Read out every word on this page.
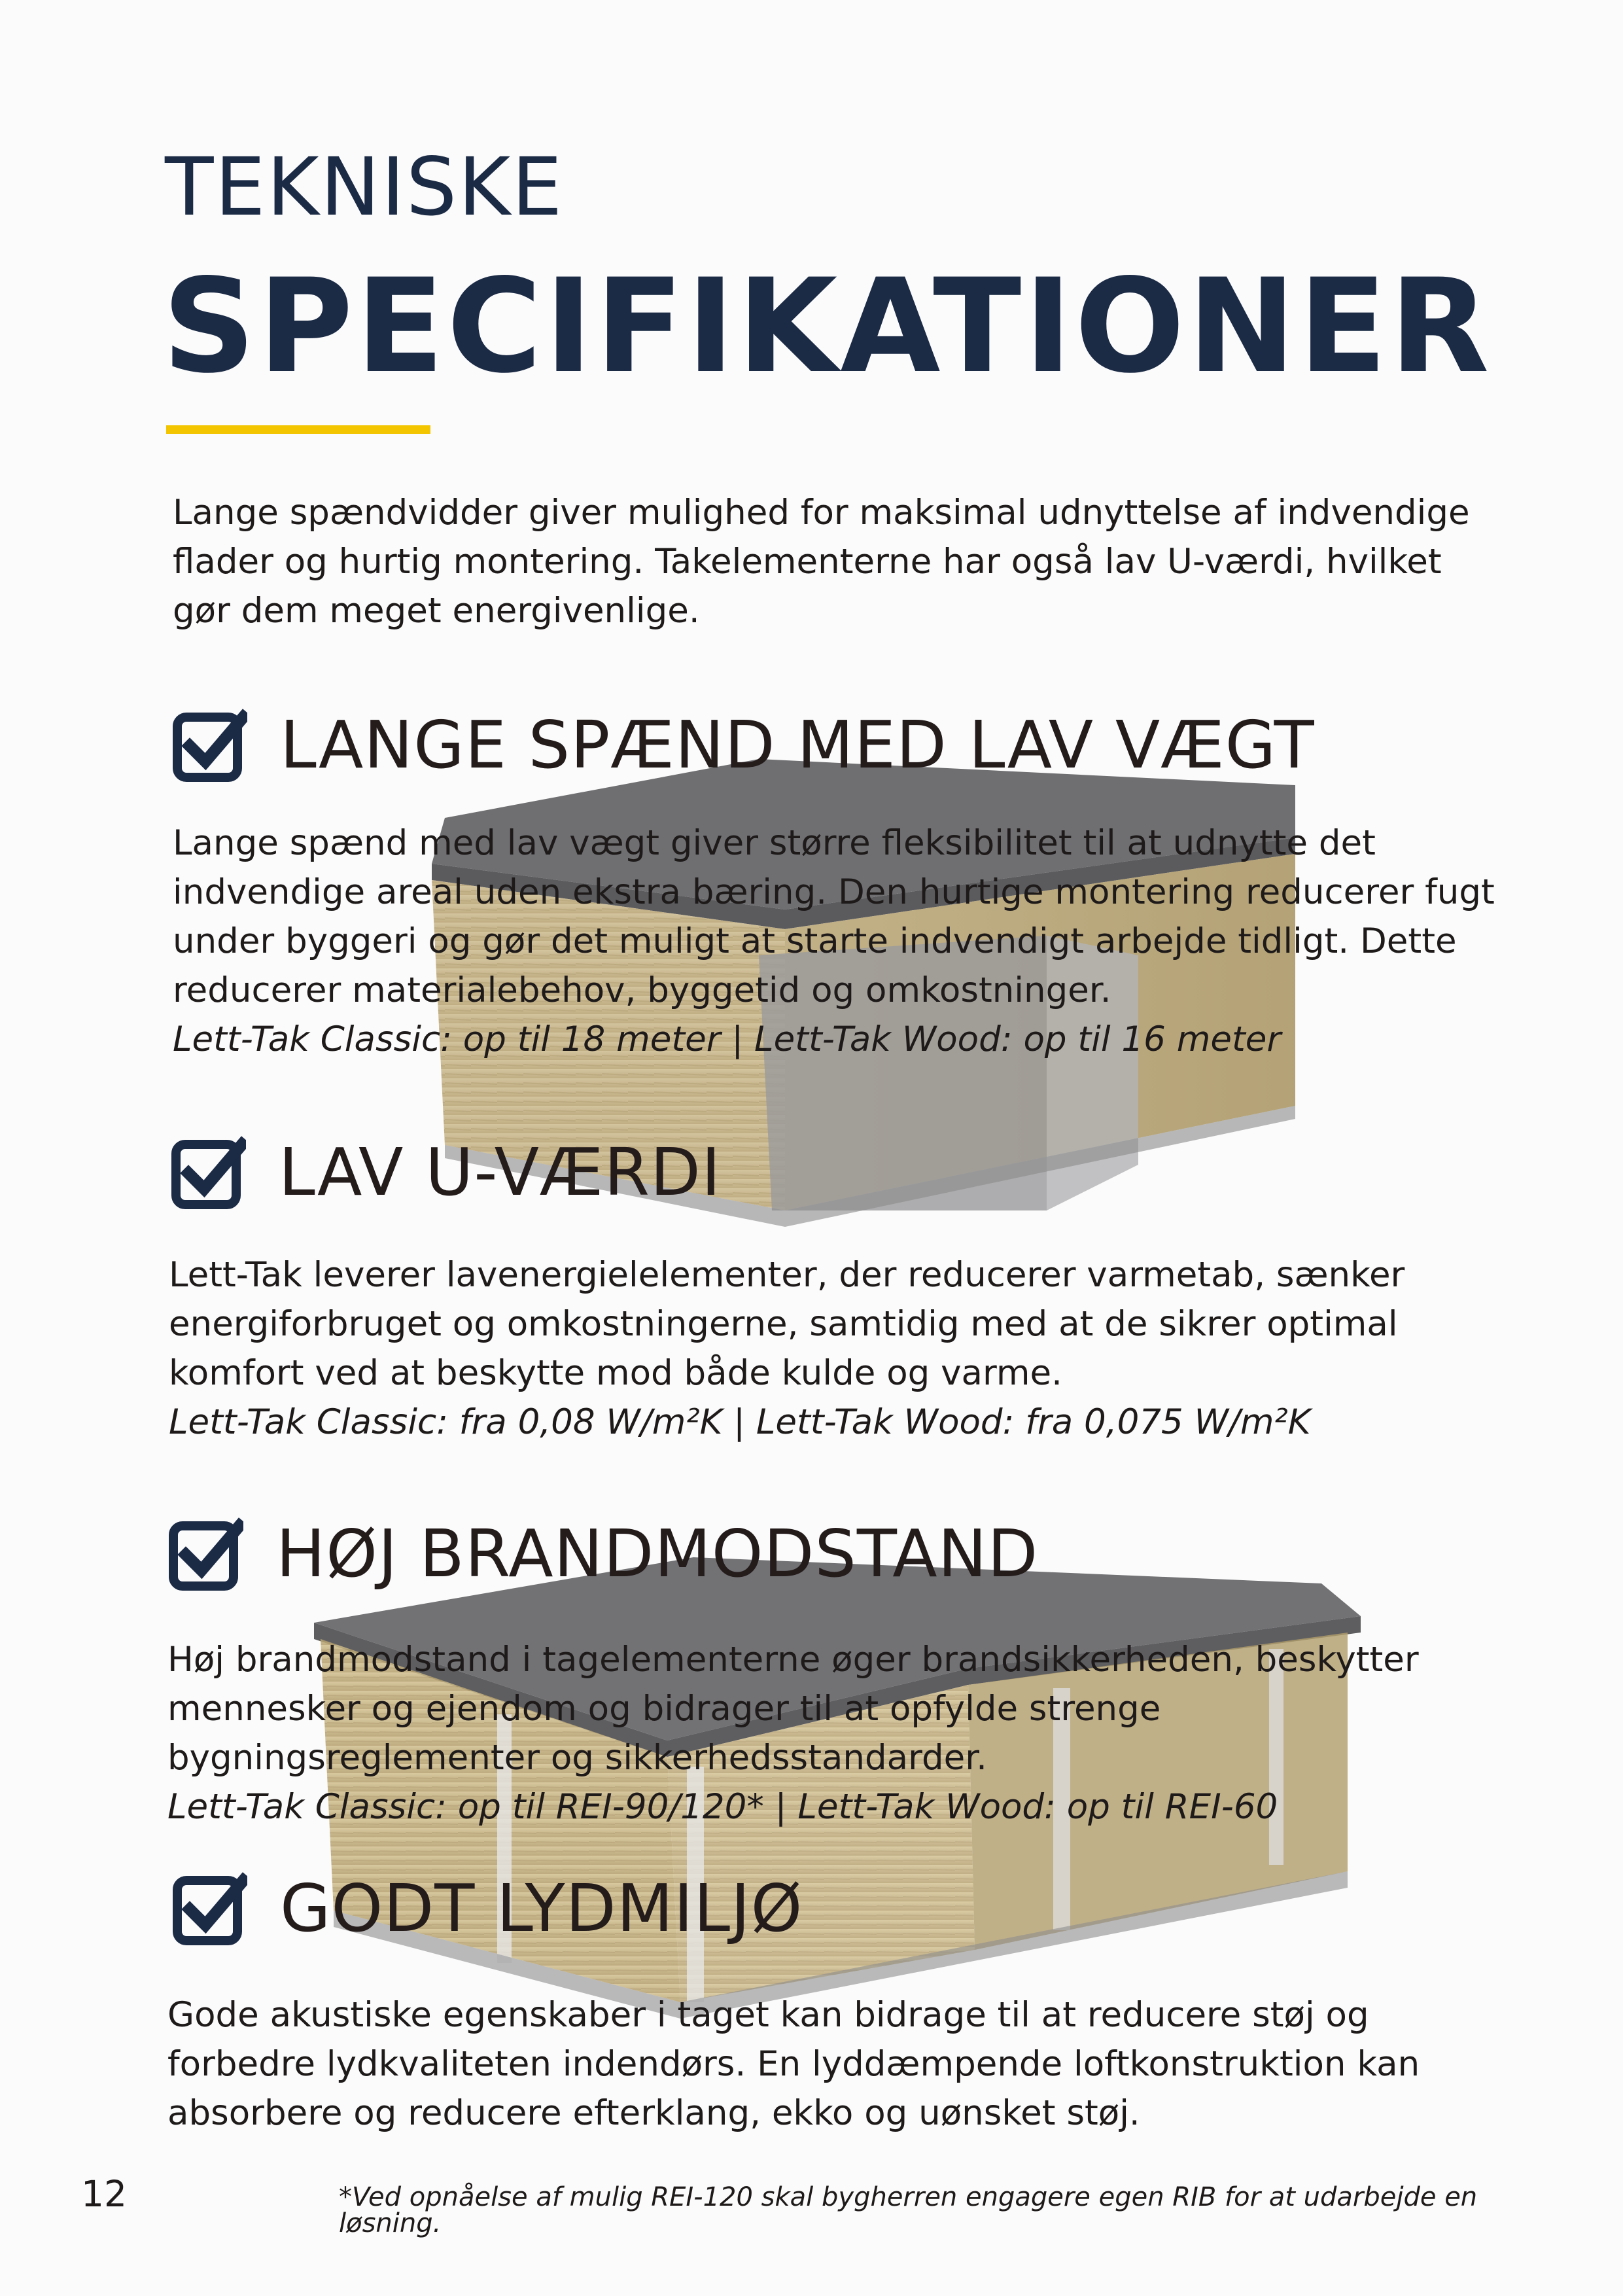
TEKNISKE
SPECIFIKATIONER

Lange spændvidder giver mulighed for maksimal udnyttelse af indvendige flader og hurtig montering. Takelementerne har også lav U-værdi, hvilket gør dem meget energivenlige.

LANGE SPÆND MED LAV VÆGT

Lange spænd med lav vægt giver større fleksibilitet til at udnytte det indvendige areal uden ekstra bæring. Den hurtige montering reducerer fugt under byggeri og gør det muligt at starte indvendigt arbejde tidligt. Dette reducerer materialebehov, byggetid og omkostninger.

Lett-Tak Classic: op til 18 meter | Lett-Tak Wood: op til 16 meter

LAV U-VÆRDI

Lett-Tak leverer lavenergielelementer, der reducerer varmetab, sænker energiforbruget og omkostningerne, samtidig med at de sikrer optimal komfort ved at beskytte mod både kulde og varme.

Lett-Tak Classic: fra 0,08 W/m²K | Lett-Tak Wood: fra 0,075 W/m²K

HØJ BRANDMODSTAND

Høj brandmodstand i tagelementerne øger brandsikkerheden, beskytter mennesker og ejendom og bidrager til at opfylde strenge bygningsreglementer og sikkerhedsstandarder.

Lett-Tak Classic: op til REI-90/120* | Lett-Tak Wood: op til REI-60

GODT LYDMILJØ

Gode akustiske egenskaber i taget kan bidrage til at reducere støj og forbedre lydkvaliteten indendørs. En lyddæmpende loftkonstruktion kan absorbere og reducere efterklang, ekko og uønsket støj.

12	*Ved opnåelse af mulig REI-120 skal bygherren engagere egen RIB for at udarbejde en løsning.
